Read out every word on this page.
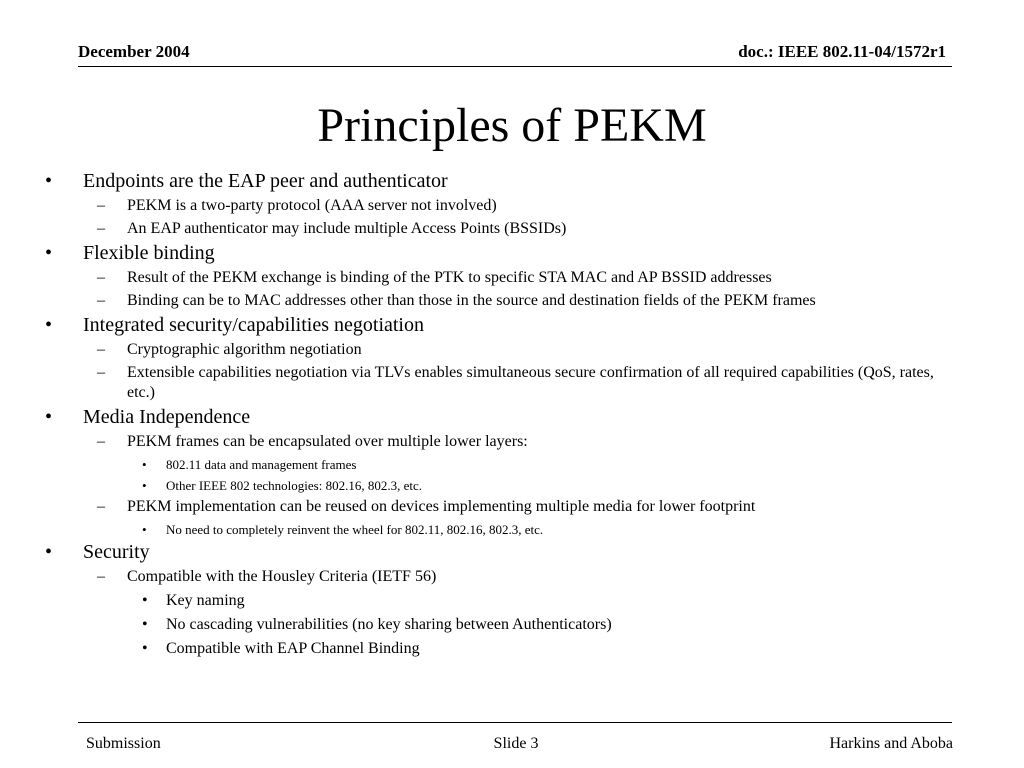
December 2004	doc.: IEEE 802.11-04/1572r1
Principles of PEKM
• Endpoints are the EAP peer and authenticator
– PEKM is a two-party protocol (AAA server not involved)
– An EAP authenticator may include multiple Access Points (BSSIDs)
• Flexible binding
– Result of the PEKM exchange is binding of the PTK to specific STA MAC and AP BSSID addresses
– Binding can be to MAC addresses other than those in the source and destination fields of the PEKM frames
• Integrated security/capabilities negotiation
– Cryptographic algorithm negotiation
– Extensible capabilities negotiation via TLVs enables simultaneous secure confirmation of all required capabilities (QoS, rates, etc.)
• Media Independence
– PEKM frames can be encapsulated over multiple lower layers:
• 802.11 data and management frames
• Other IEEE 802 technologies: 802.16, 802.3, etc.
– PEKM implementation can be reused on devices implementing multiple media for lower footprint
• No need to completely reinvent the wheel for 802.11, 802.16, 802.3, etc.
• Security
– Compatible with the Housley Criteria (IETF 56)
• Key naming
• No cascading vulnerabilities (no key sharing between Authenticators)
• Compatible with EAP Channel Binding
Submission	Slide 3	Harkins and Aboba
